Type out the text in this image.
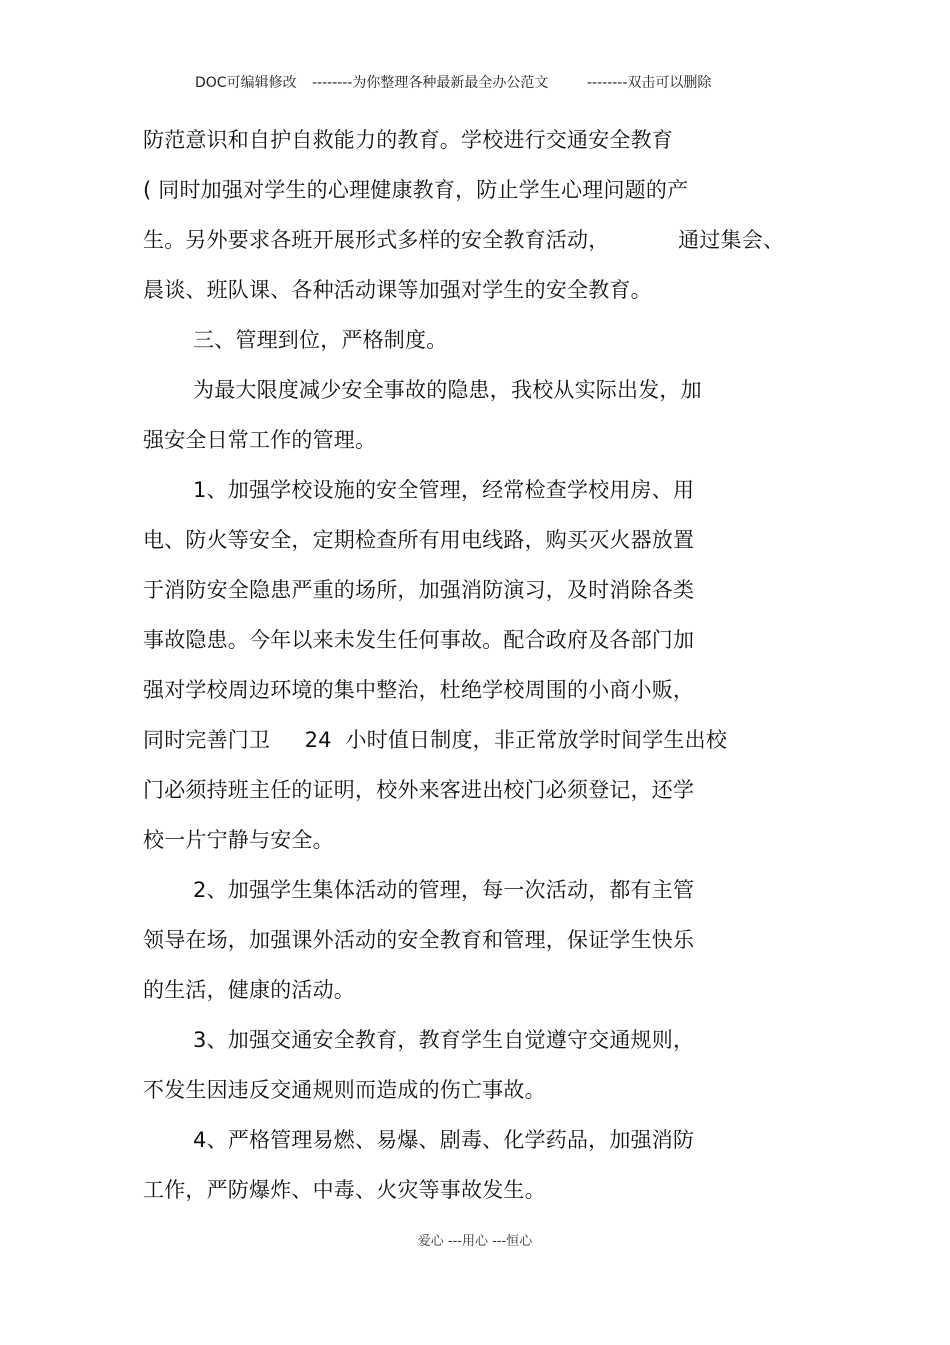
DOC可编辑修改 --------为你整理各种最新最全办公范文	--------双击可以删除
防范意识和自护自救能力的教育。学校进行交通安全教育
( 同时加强对学生的心理健康教育，防止学生心理问题的产
生。另外要求各班开展形式多样的安全教育活动，          通过集会、
晨谈、班队课、各种活动课等加强对学生的安全教育。
三、管理到位，严格制度。
为最大限度减少安全事故的隐患，我校从实际出发，加
强安全日常工作的管理。
1、加强学校设施的安全管理，经常检查学校用房、用
电、防火等安全，定期检查所有用电线路，购买灭火器放置
于消防安全隐患严重的场所，加强消防演习，及时消除各类
事故隐患。今年以来未发生任何事故。配合政府及各部门加
强对学校周边环境的集中整治，杜绝学校周围的小商小贩，
同时完善门卫     24  小时值日制度，非正常放学时间学生出校
门必须持班主任的证明，校外来客进出校门必须登记，还学
校一片宁静与安全。
2、加强学生集体活动的管理，每一次活动，都有主管
领导在场，加强课外活动的安全教育和管理，保证学生快乐
的生活，健康的活动。
3、加强交通安全教育，教育学生自觉遵守交通规则，
不发生因违反交通规则而造成的伤亡事故。
4、严格管理易燃、易爆、剧毒、化学药品，加强消防
工作，严防爆炸、中毒、火灾等事故发生。
爱心 ---用心 ---恒心
